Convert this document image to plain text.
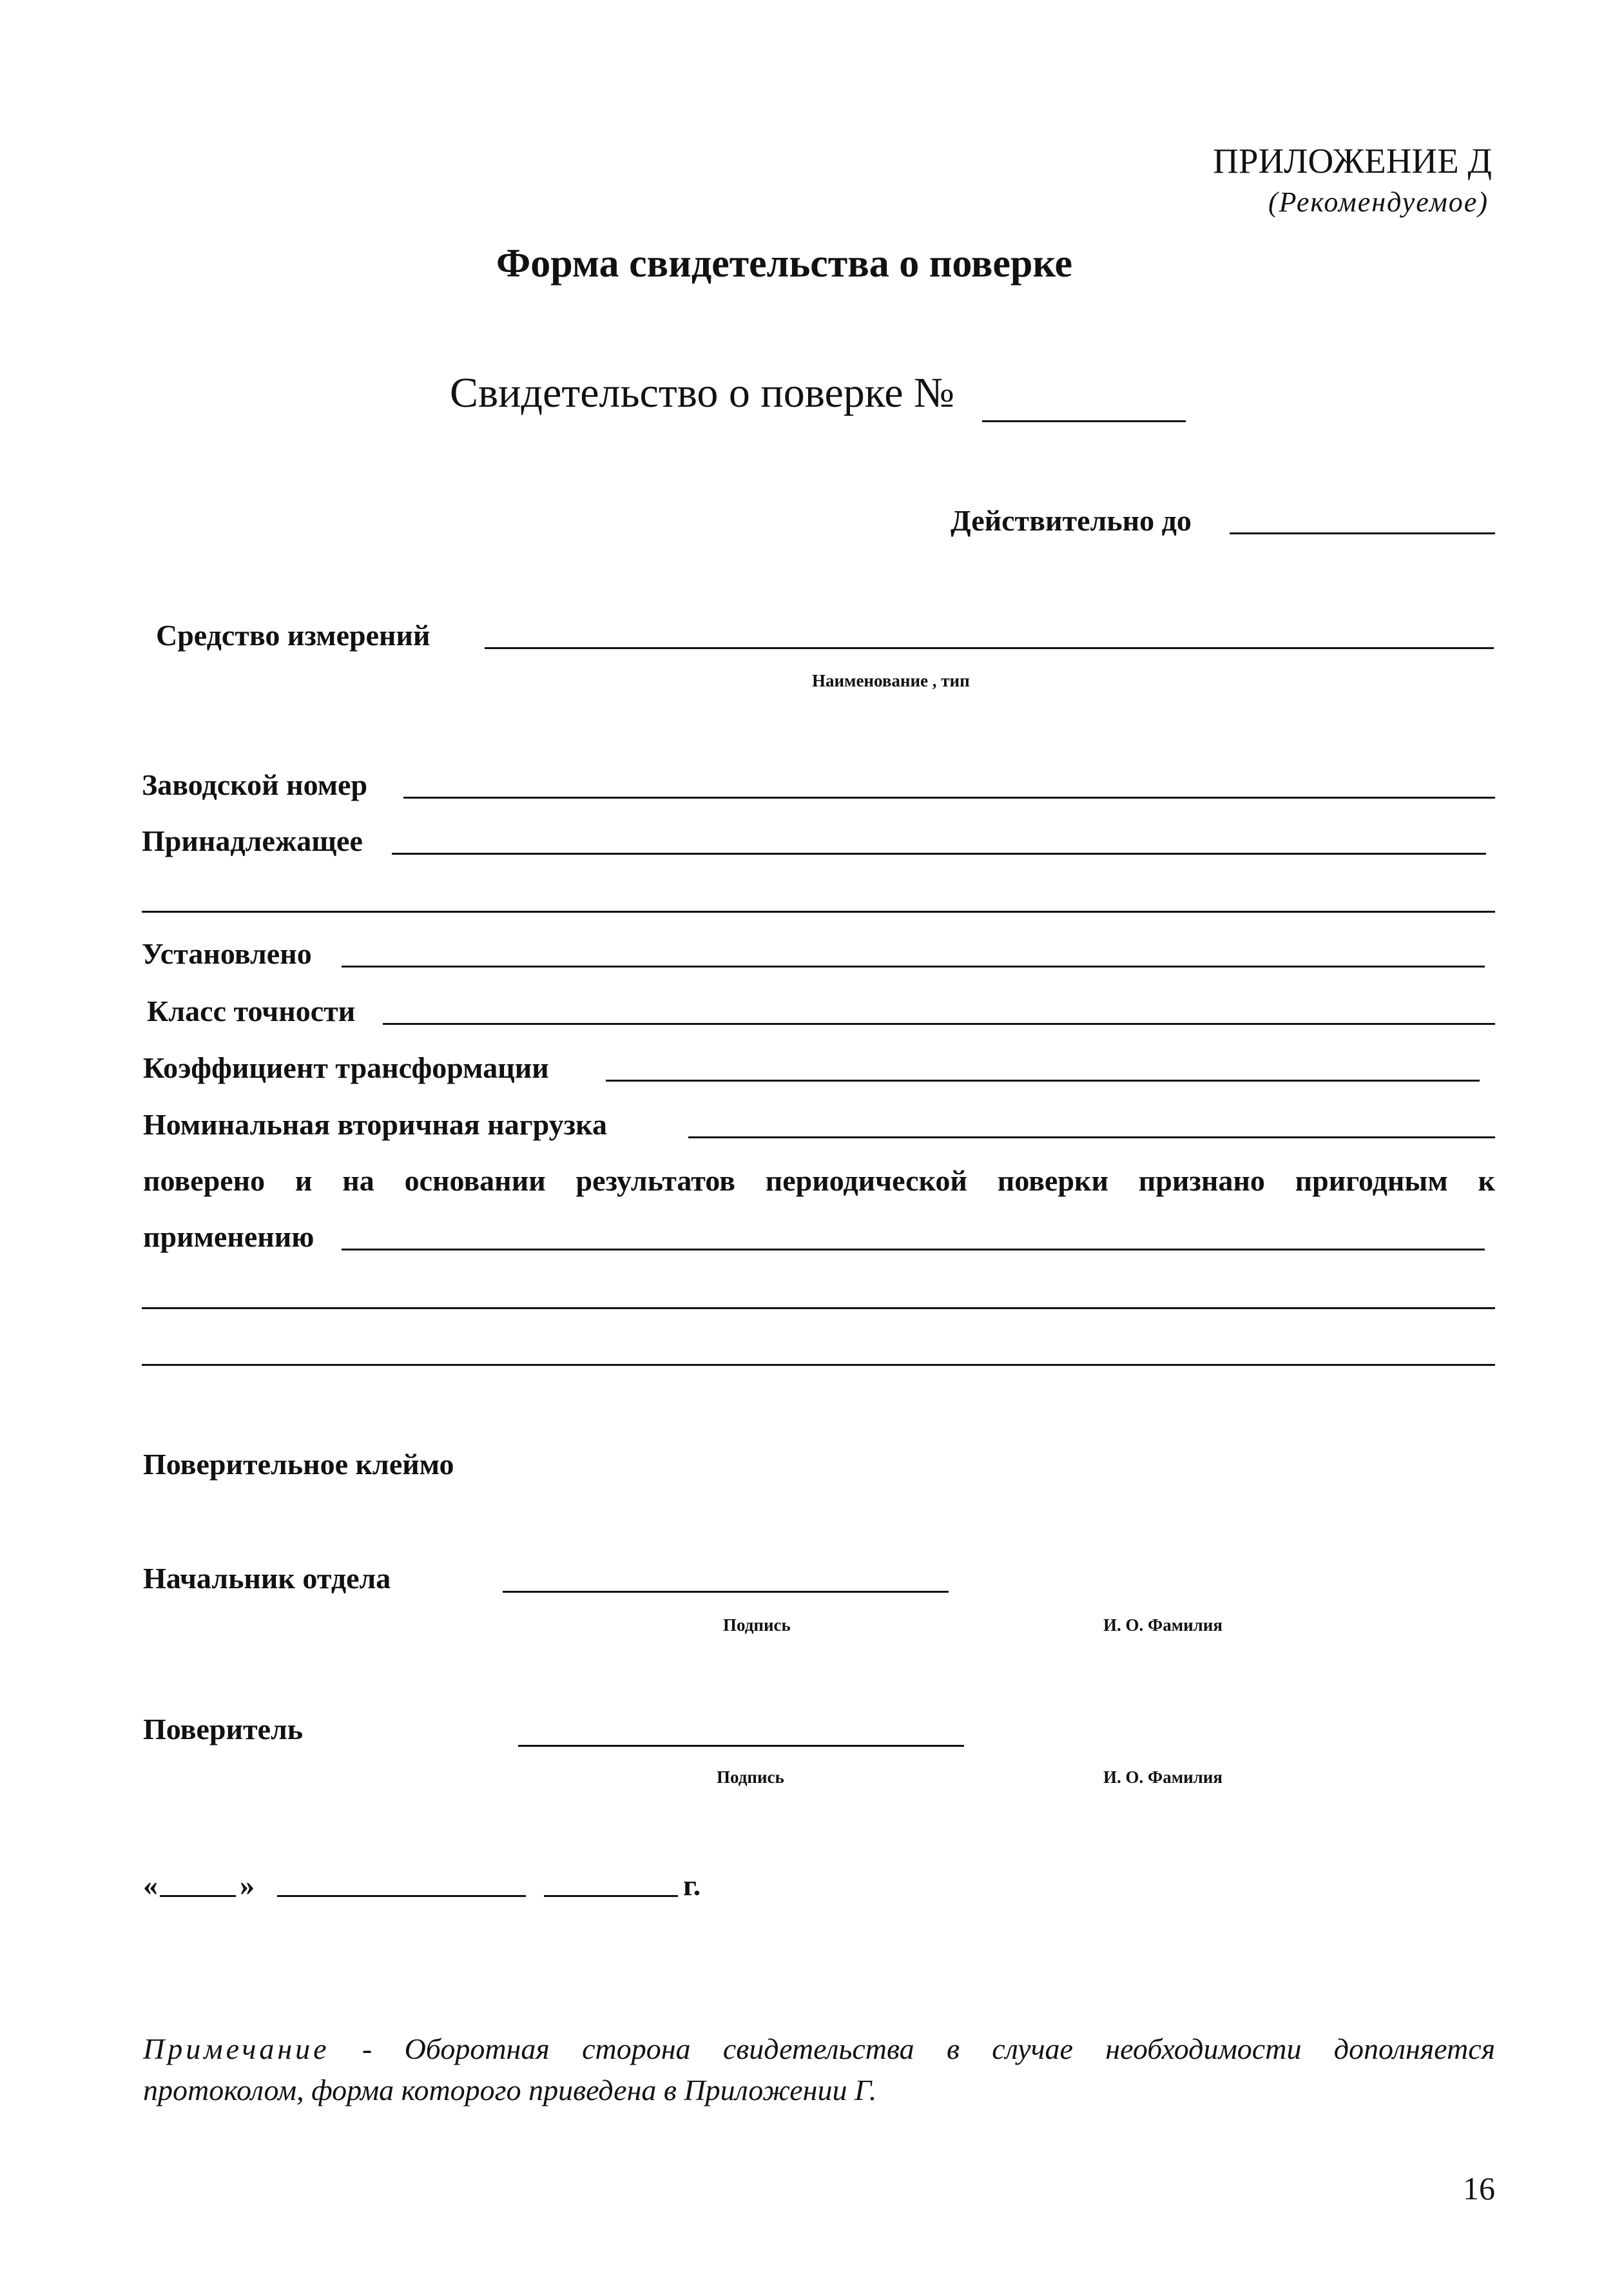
ПРИЛОЖЕНИЕ Д
(Рекомендуемое)
Форма свидетельства о поверке
Свидетельство о поверке №
Действительно до
Средство измерений
Наименование , тип
Заводской номер
Принадлежащее
Установлено
Класс точности
Коэффициент трансформации
Номинальная вторичная нагрузка
поверено и на основании результатов периодической поверки признано пригодным к
применению
Поверительное клеймо
Начальник отдела
Подпись	И. О. Фамилия
Поверитель
Подпись	И. О. Фамилия
«	»	г.
Примечание - Оборотная сторона свидетельства в случае необходимости дополняется
протоколом, форма которого приведена в Приложении Г.
16
